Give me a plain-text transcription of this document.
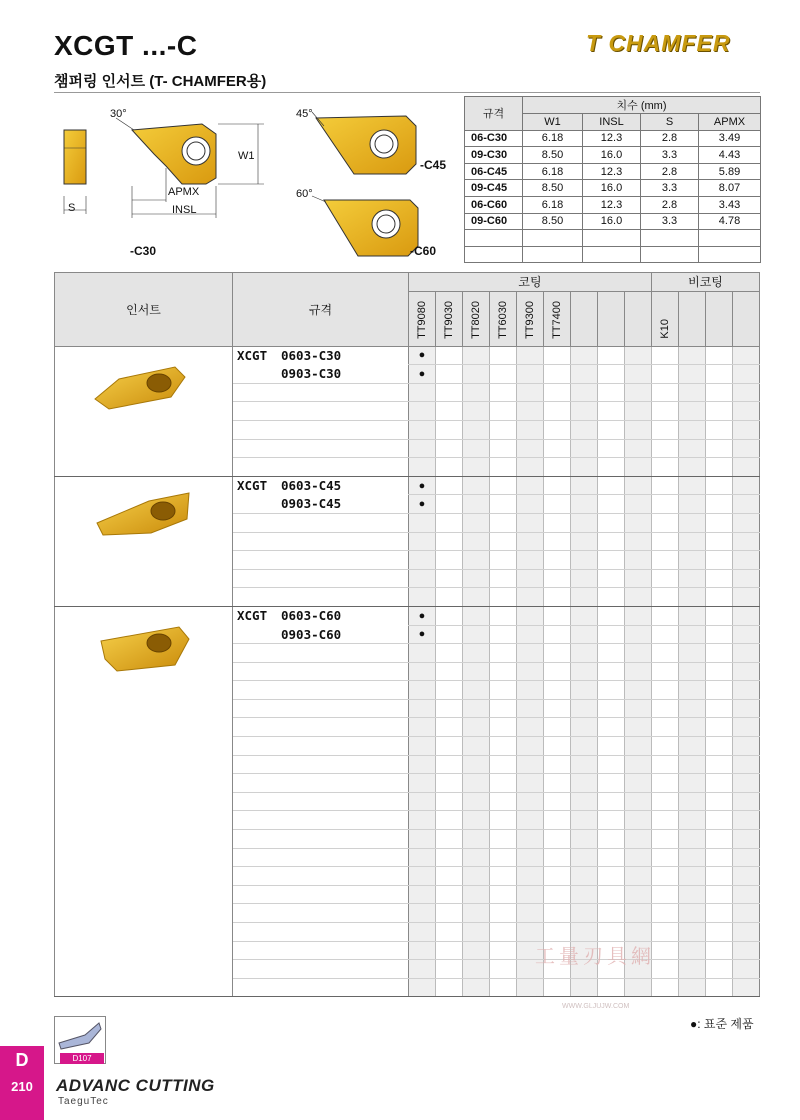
XCGT ...-C
챔퍼링 인서트 (T- CHAMFER용)
T CHAMFER
30°	45°
60°
W1
APMX
INSL
S
-C30
-C45
-C60
규격	치수 (mm)			
	W1	INSL	S	APMX
06-C30	6.18	12.3	2.8	3.49
09-C30	8.50	16.0	3.3	4.43
06-C45	6.18	12.3	2.8	5.89
09-C45	8.50	16.0	3.3	8.07
06-C60	6.18	12.3	2.8	3.43
09-C60	8.50	16.0	3.3	4.78

인서트	규격	코팅									비코팅			
		TT9080	TT9030	TT8020	TT6030	TT9300	TT7400				K10			
	XCGT 0603-C30	●												
	0903-C30	●												

	XCGT 0603-C45	●												
	0903-C45	●												

	XCGT 0603-C60	●												
	0903-C60	●												

●: 표준 제품
工量刃具網
WWW.GLJUJW.COM
D107
D
210	ADVANC CUTTING
TaeguTec
